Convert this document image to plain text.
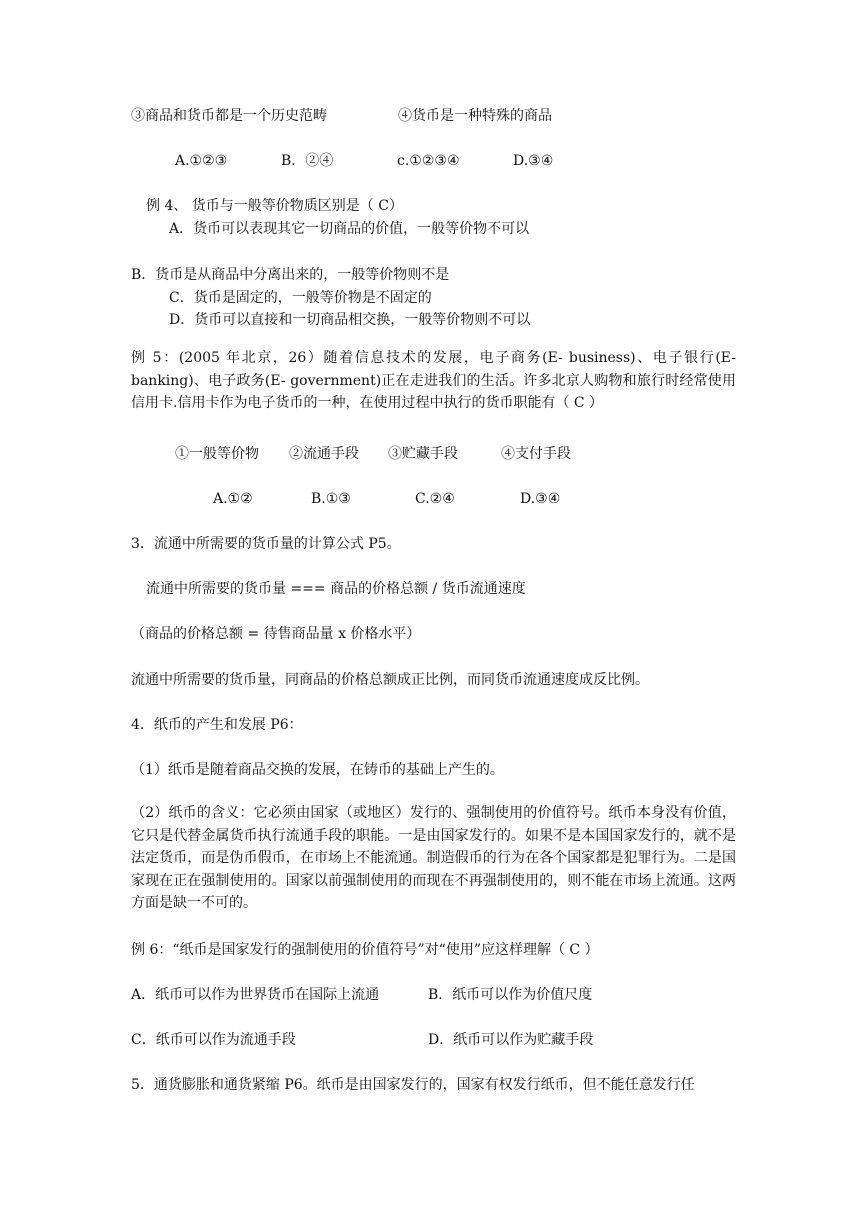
③商品和货币都是一个历史范畴	④货币是一种特殊的商品
A.①②③	B．②④	c.①②③④	D.③④
例 4、 货币与一般等价物质区别是（ C）
A．货币可以表现其它一切商品的价值，一般等价物不可以
B．货币是从商品中分离出来的，一般等价物则不是
C．货币是固定的，一般等价物是不固定的
D．货币可以直接和一切商品相交换，一般等价物则不可以
例 5：(2005 年北京，26）随着信息技术的发展，电子商务(E- business)、电子银行(E- banking)、电子政务(E- government)正在走进我们的生活。许多北京人购物和旅行时经常使用信用卡.信用卡作为电子货币的一种，在使用过程中执行的货币职能有（ C ）
①一般等价物 ②流通手段 ③贮藏手段	④支付手段
A.①②	B.①③	C.②④	D.③④
3．流通中所需要的货币量的计算公式 P5。
流通中所需要的货币量 === 商品的价格总额 / 货币流通速度
（商品的价格总额 = 待售商品量 x 价格水平）
流通中所需要的货币量，同商品的价格总额成正比例，而同货币流通速度成反比例。
4．纸币的产生和发展 P6：
（1）纸币是随着商品交换的发展，在铸币的基础上产生的。
（2）纸币的含义：它必须由国家（或地区）发行的、强制使用的价值符号。纸币本身没有价值，它只是代替金属货币执行流通手段的职能。一是由国家发行的。如果不是本国国家发行的，就不是法定货币，而是伪币假币，在市场上不能流通。制造假币的行为在各个国家都是犯罪行为。二是国家现在正在强制使用的。国家以前强制使用的而现在不再强制使用的，则不能在市场上流通。这两方面是缺一不可的。
例 6：“纸币是国家发行的强制使用的价值符号”对“使用”应这样理解（ C ）
A．纸币可以作为世界货币在国际上流通	B．纸币可以作为价值尺度
C．纸币可以作为流通手段	D．纸币可以作为贮藏手段
5．通货膨胀和通货紧缩 P6。纸币是由国家发行的，国家有权发行纸币，但不能任意发行任
